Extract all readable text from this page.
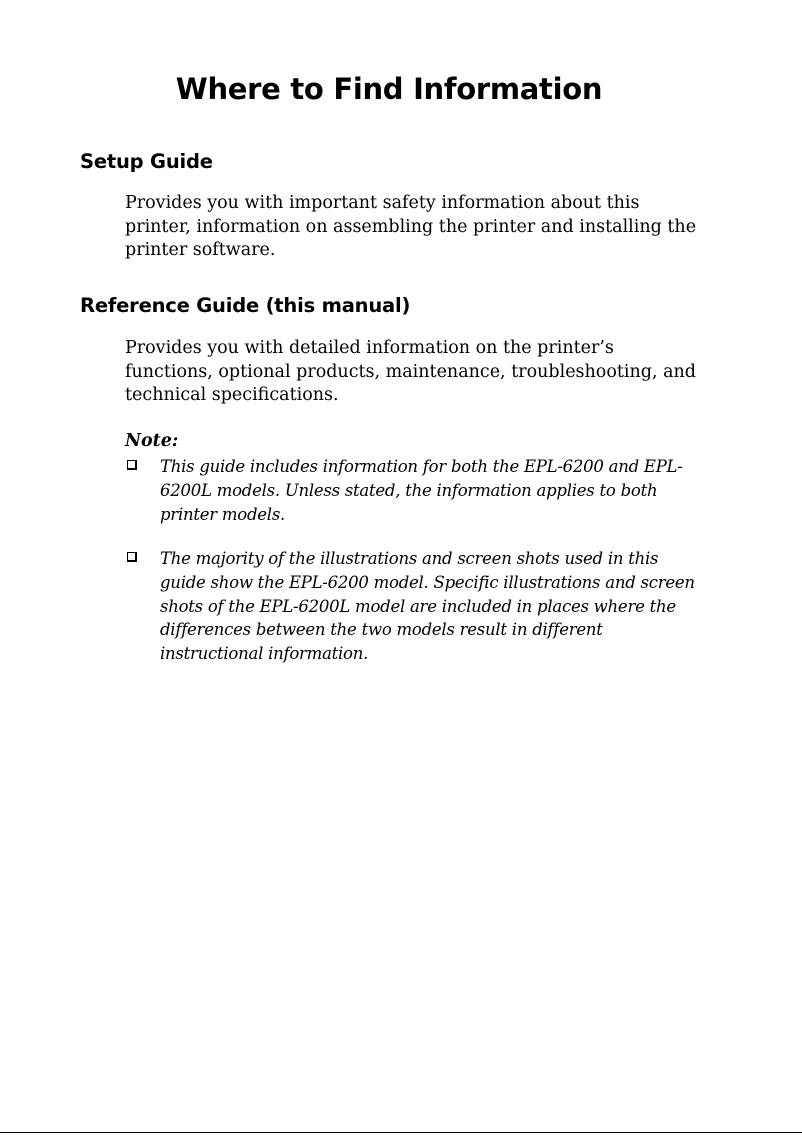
Where to Find Information
Setup Guide

Provides you with important safety information about this printer, information on assembling the printer and installing the printer software.

Reference Guide (this manual)

Provides you with detailed information on the printer’s functions, optional products, maintenance, troubleshooting, and technical specifications.

Note:

This guide includes information for both the EPL-6200 and EPL-6200L models. Unless stated, the information applies to both printer models.

The majority of the illustrations and screen shots used in this guide show the EPL-6200 model. Specific illustrations and screen shots of the EPL-6200L model are included in places where the differences between the two models result in different instructional information.
